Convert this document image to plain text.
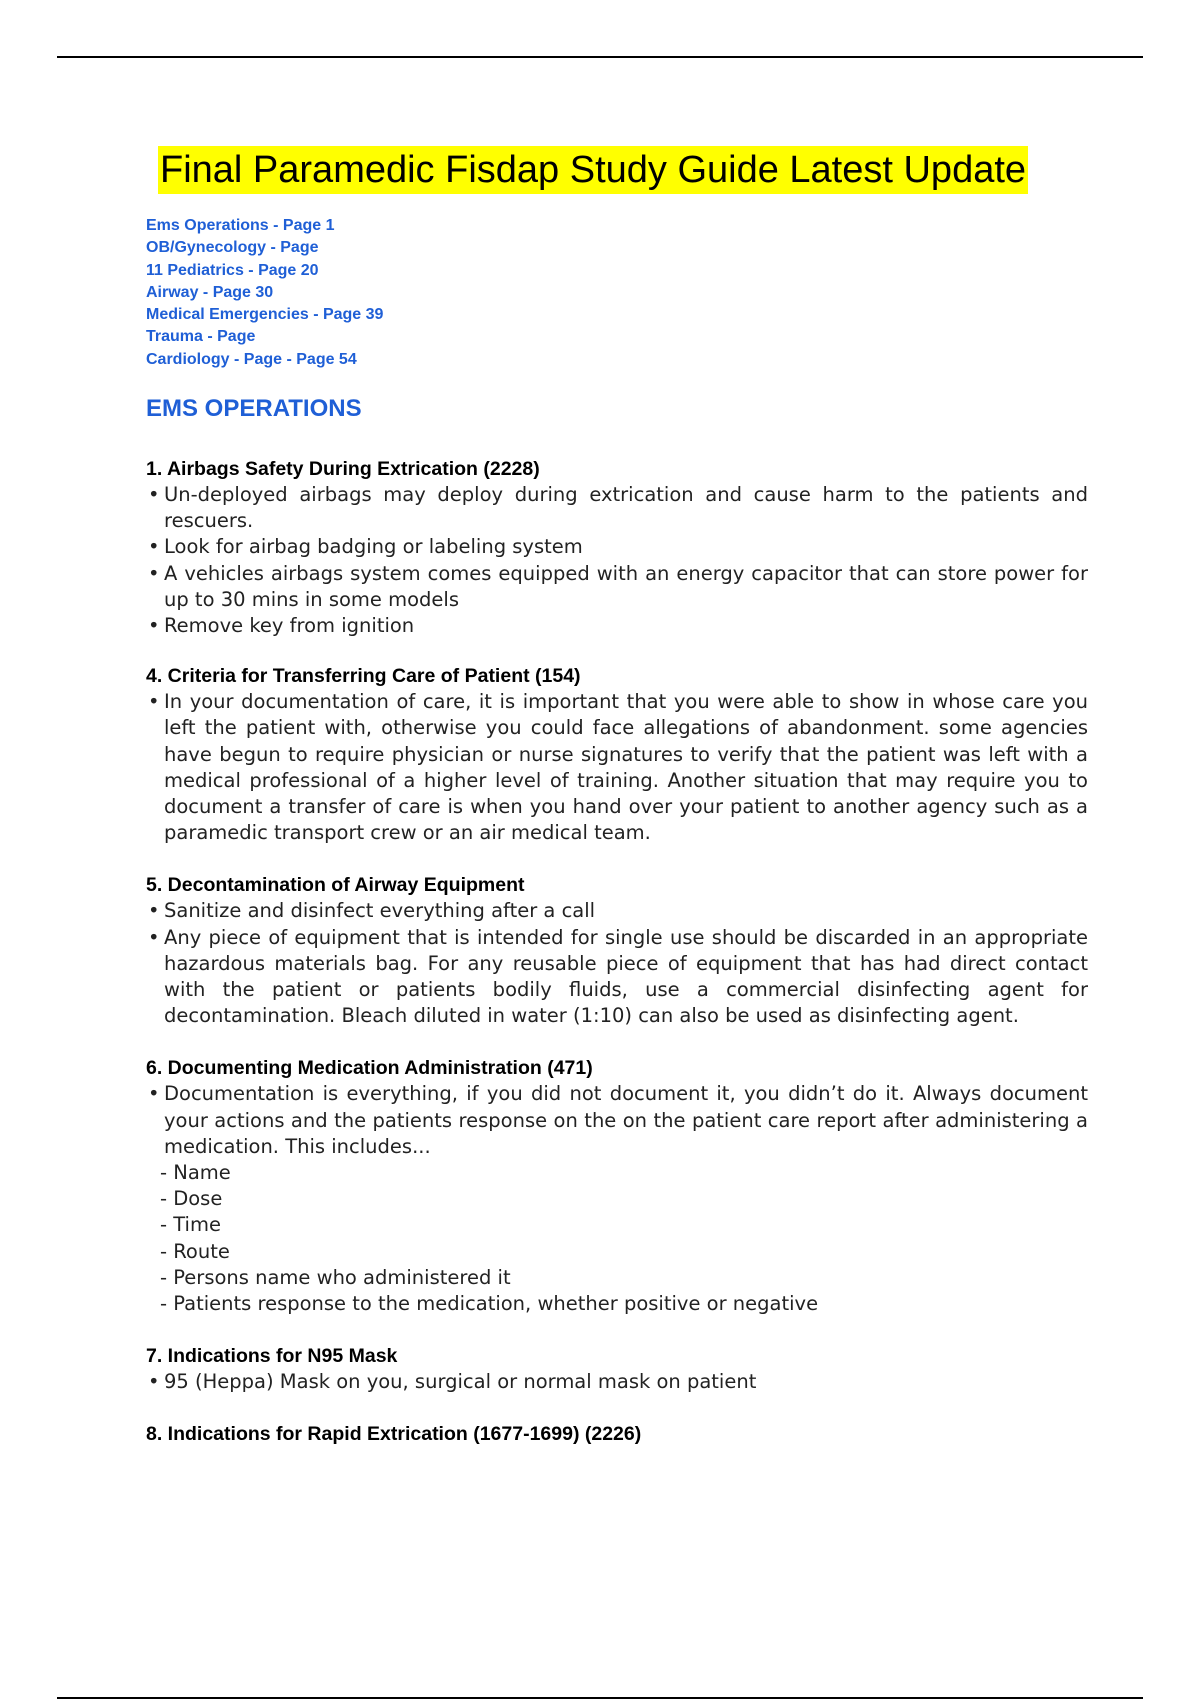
Final Paramedic Fisdap Study Guide Latest Update
Ems Operations - Page 1
OB/Gynecology - Page
11 Pediatrics - Page 20
Airway - Page 30
Medical Emergencies - Page 39
Trauma - Page
Cardiology - Page - Page 54
EMS OPERATIONS
1. Airbags Safety During Extrication (2228)
• Un-deployed airbags may deploy during extrication and cause harm to the patients and rescuers.
• Look for airbag badging or labeling system
• A vehicles airbags system comes equipped with an energy capacitor that can store power for up to 30 mins in some models
• Remove key from ignition
4. Criteria for Transferring Care of Patient (154)
• In your documentation of care, it is important that you were able to show in whose care you left the patient with, otherwise you could face allegations of abandonment. some agencies have begun to require physician or nurse signatures to verify that the patient was left with a medical professional of a higher level of training. Another situation that may require you to document a transfer of care is when you hand over your patient to another agency such as a paramedic transport crew or an air medical team.
5. Decontamination of Airway Equipment
• Sanitize and disinfect everything after a call
• Any piece of equipment that is intended for single use should be discarded in an appropriate hazardous materials bag. For any reusable piece of equipment that has had direct contact with the patient or patients bodily fluids, use a commercial disinfecting agent for decontamination. Bleach diluted in water (1:10) can also be used as disinfecting agent.
6. Documenting Medication Administration (471)
• Documentation is everything, if you did not document it, you didn’t do it. Always document your actions and the patients response on the on the patient care report after administering a medication. This includes...
- Name
- Dose
- Time
- Route
- Persons name who administered it
- Patients response to the medication, whether positive or negative
7. Indications for N95 Mask
• 95 (Heppa) Mask on you, surgical or normal mask on patient
8. Indications for Rapid Extrication (1677-1699) (2226)
